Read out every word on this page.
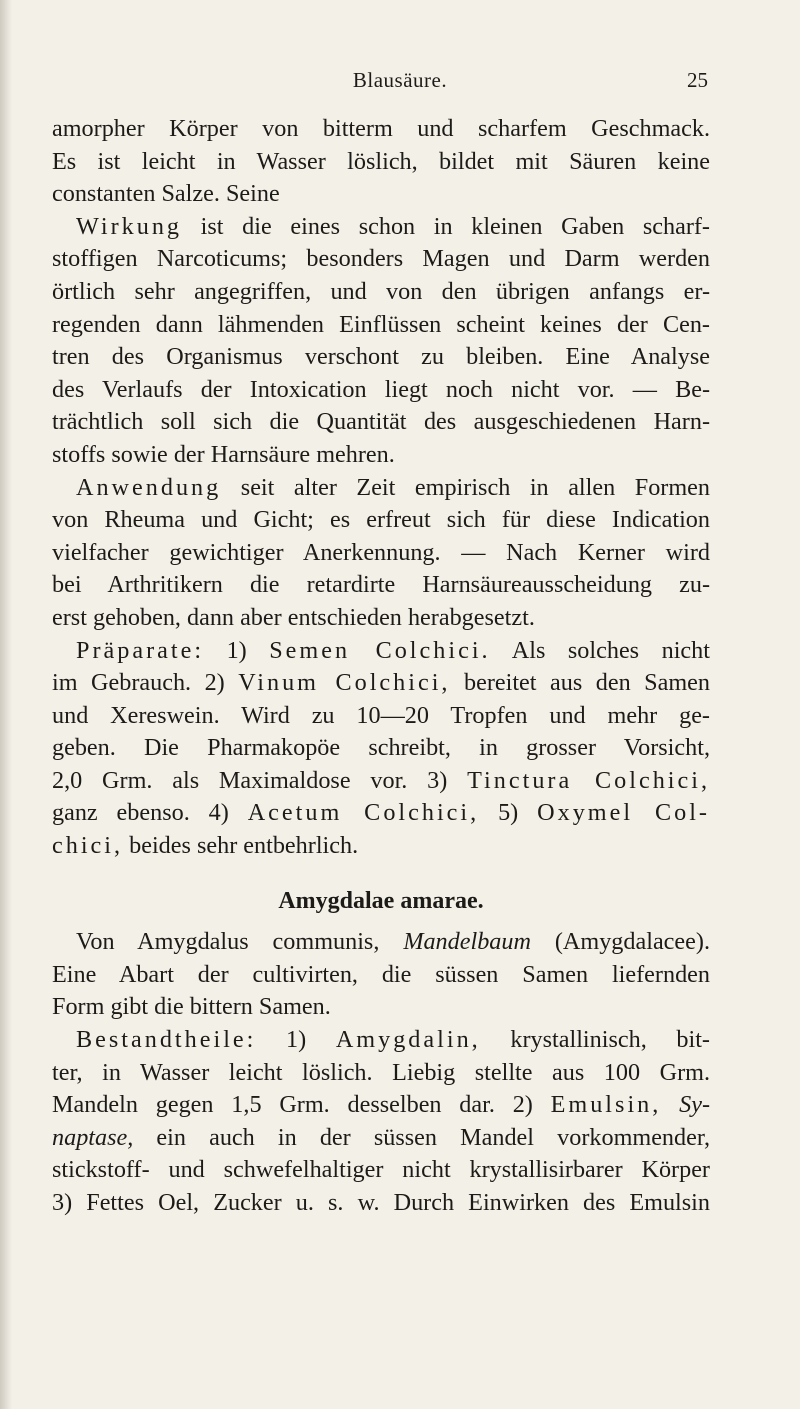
Blausäure.	25
amorpher Körper von bitterm und scharfem Geschmack.
Es ist leicht in Wasser löslich, bildet mit Säuren keine
constanten Salze. Seine
Wirkung ist die eines schon in kleinen Gaben scharf-
stoffigen Narcoticums; besonders Magen und Darm werden
örtlich sehr angegriffen, und von den übrigen anfangs er-
regenden dann lähmenden Einflüssen scheint keines der Cen-
tren des Organismus verschont zu bleiben. Eine Analyse
des Verlaufs der Intoxication liegt noch nicht vor. — Be-
trächtlich soll sich die Quantität des ausgeschiedenen Harn-
stoffs sowie der Harnsäure mehren.
Anwendung seit alter Zeit empirisch in allen Formen
von Rheuma und Gicht; es erfreut sich für diese Indication
vielfacher gewichtiger Anerkennung. — Nach Kerner wird
bei Arthritikern die retardirte Harnsäureausscheidung zu-
erst gehoben, dann aber entschieden herabgesetzt.
Präparate: 1) Semen Colchici. Als solches nicht
im Gebrauch. 2) Vinum Colchici, bereitet aus den Samen
und Xereswein. Wird zu 10—20 Tropfen und mehr ge-
geben. Die Pharmakopöe schreibt, in grosser Vorsicht,
2,0 Grm. als Maximaldose vor. 3) Tinctura Colchici,
ganz ebenso. 4) Acetum Colchici, 5) Oxymel Col-
chici, beides sehr entbehrlich.
Amygdalae amarae.
Von Amygdalus communis, Mandelbaum (Amygdalacee).
Eine Abart der cultivirten, die süssen Samen liefernden
Form gibt die bittern Samen.
Bestandtheile: 1) Amygdalin, krystallinisch, bit-
ter, in Wasser leicht löslich. Liebig stellte aus 100 Grm.
Mandeln gegen 1,5 Grm. desselben dar. 2) Emulsin, Sy-
naptase, ein auch in der süssen Mandel vorkommender,
stickstoff- und schwefelhaltiger nicht krystallisirbarer Körper
3) Fettes Oel, Zucker u. s. w. Durch Einwirken des Emulsin
